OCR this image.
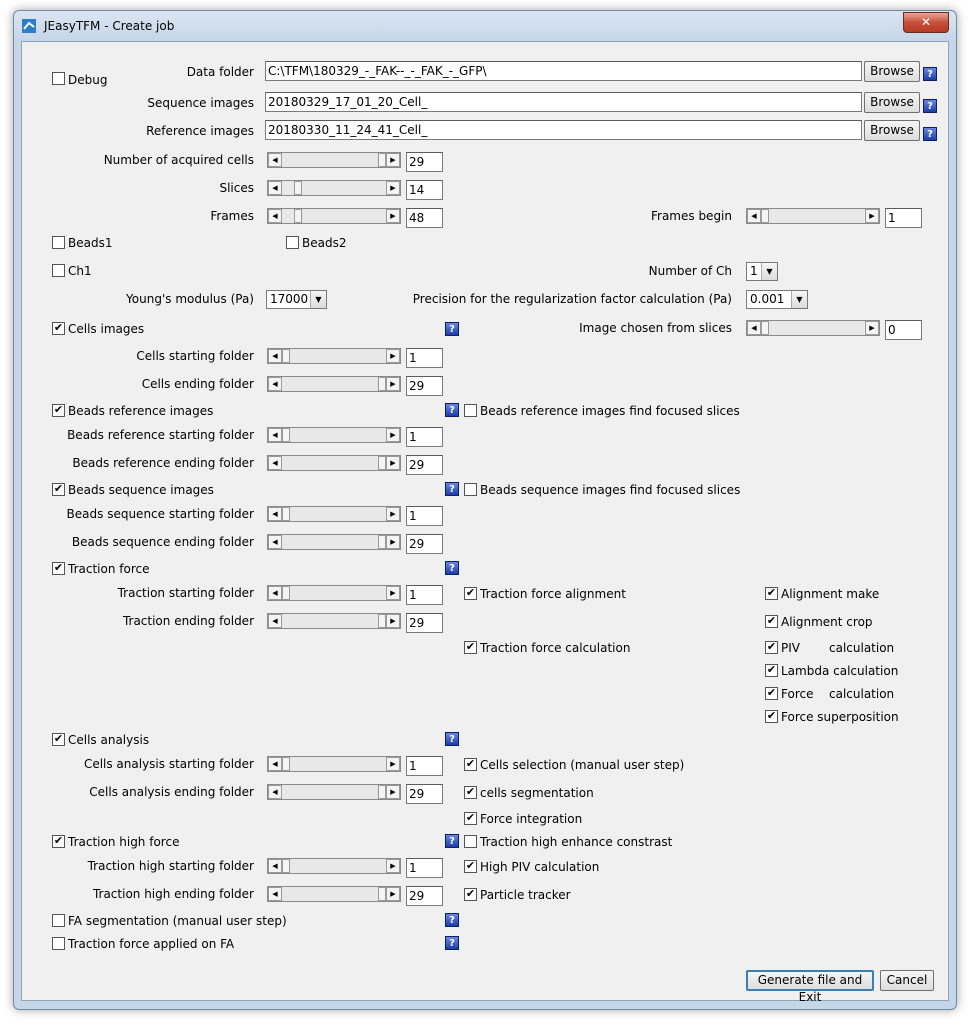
JEasyTFM - Create job	✕
Debug
Data folder C:\TFM\180329_-_FAK--_-_FAK_-_GFP\	Browse	?
Sequence images 20180329_17_01_20_Cell_	Browse	?
Reference images 20180330_11_24_41_Cell_	Browse	?
Number of acquired cells	◀	▶	29
Slices	◀	▶	14
Frames	◀	▶	48	Frames begin	◀	▶	1
Beads1	Beads2
Ch1	Number of Ch	1	▼
Young's modulus (Pa)	17000 ▼	Precision for the regularization factor calculation (Pa)	0.001	▼
✔ Cells images	?	Image chosen from slices	◀	▶	0
Cells starting folder	◀	▶	1
Cells ending folder	◀	▶	29
✔ Beads reference images	?	Beads reference images find focused slices
Beads reference starting folder	◀	▶	1
Beads reference ending folder	◀	▶	29
✔ Beads sequence images	?	Beads sequence images find focused slices
Beads sequence starting folder	◀	▶	1
Beads sequence ending folder	◀	▶	29
✔ Traction force	?
Traction starting folder	◀	▶	1	✔ Traction force alignment	✔ Alignment make
Traction ending folder	◀	▶	29	✔ Alignment crop
✔ Traction force calculation	✔ PIV calculation
✔ Lambda calculation
✔ Force calculation
✔ Force superposition
✔ Cells analysis	?
Cells analysis starting folder	◀	▶	1	✔ Cells selection (manual user step)
Cells analysis ending folder	◀	▶	29	✔ cells segmentation
✔ Force integration
✔ Traction high force	?	Traction high enhance constrast
Traction high starting folder	◀	▶	1	✔ High PIV calculation
Traction high ending folder	◀	▶	29	✔ Particle tracker
FA segmentation (manual user step)	?
Traction force applied on FA	?
Generate file and Exit
Cancel
